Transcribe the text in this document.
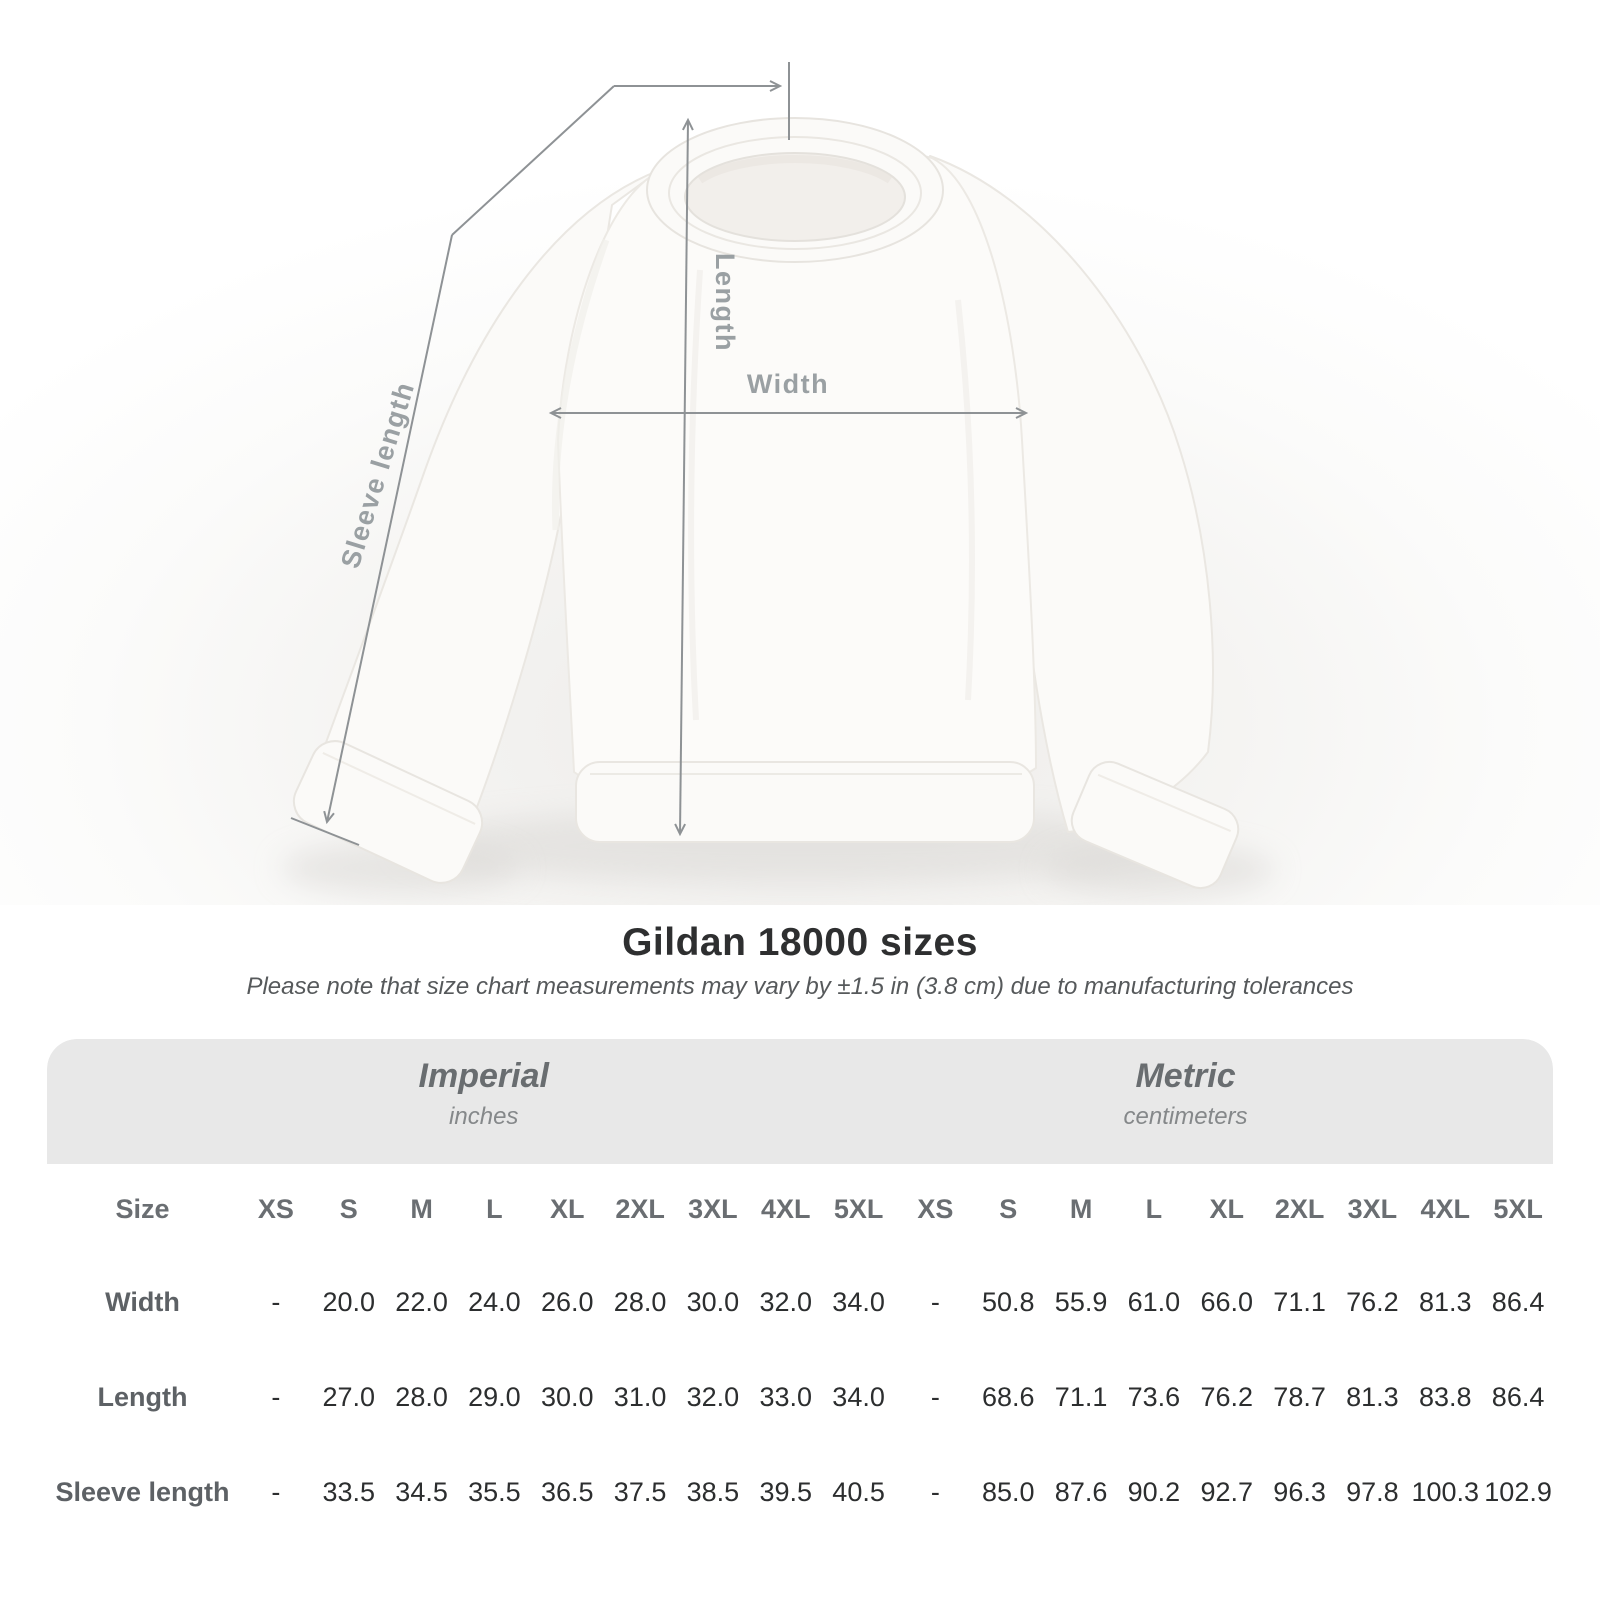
Length
Width
Sleeve length
Gildan 18000 sizes
Please note that size chart measurements may vary by ±1.5 in (3.8 cm) due to manufacturing tolerances
Imperial
inches
Metric
centimeters
Size	XS	S	M	L	XL	2XL 3XL 4XL 5XL	XS	S	M	L	XL	2XL 3XL 4XL 5XL
Width	-	20.0 22.0 24.0 26.0 28.0 30.0 32.0 34.0	-	50.8 55.9 61.0 66.0 71.1 76.2 81.3 86.4
Length	-	27.0 28.0 29.0 30.0 31.0 32.0 33.0 34.0	-	68.6 71.1 73.6 76.2 78.7 81.3 83.8 86.4
Sleeve length	-	33.5 34.5 35.5 36.5 37.5 38.5 39.5 40.5	-	85.0 87.6 90.2 92.7 96.3 97.8 100.3 102.9
